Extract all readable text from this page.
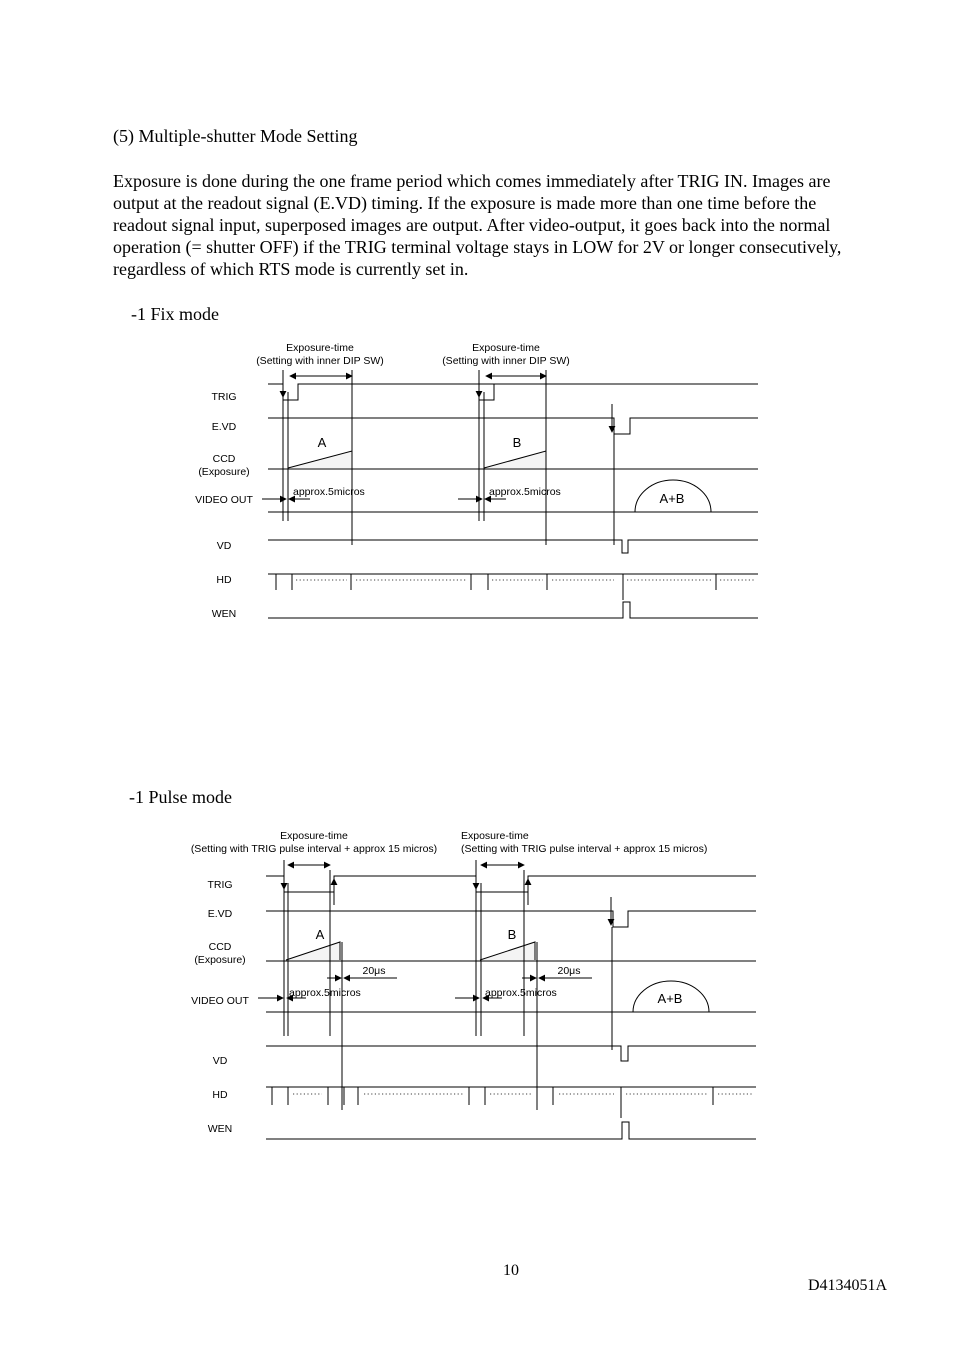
(5) Multiple-shutter Mode Setting
Exposure is done during the one frame period which comes immediately after TRIG IN. Images are
output at the readout signal (E.VD) timing. If the exposure is made more than one time before the
readout signal input, superposed images are output. After video-output, it goes back into the normal
operation (= shutter OFF) if the TRIG terminal voltage stays in LOW for 2V or longer consecutively,
regardless of which RTS mode is currently set in.
-1 Fix mode
Exposure-time
(Setting with inner DIP SW)
Exposure-time
(Setting with inner DIP SW)
TRIG
E.VD
CCD
(Exposure)
VIDEO OUT
VD
HD
WEN
approx.5micros	approx.5micros
A	B
A+B
-1 Pulse mode
Exposure-time
(Setting with TRIG pulse interval + approx 15 micros)
Exposure-time
(Setting with TRIG pulse interval + approx 15 micros)
TRIG
E.VD
CCD
(Exposure)
VIDEO OUT
VD
HD
WEN
approx.5micros	approx.5micros
20μs	20μs
A	B
A+B
10
D4134051A
